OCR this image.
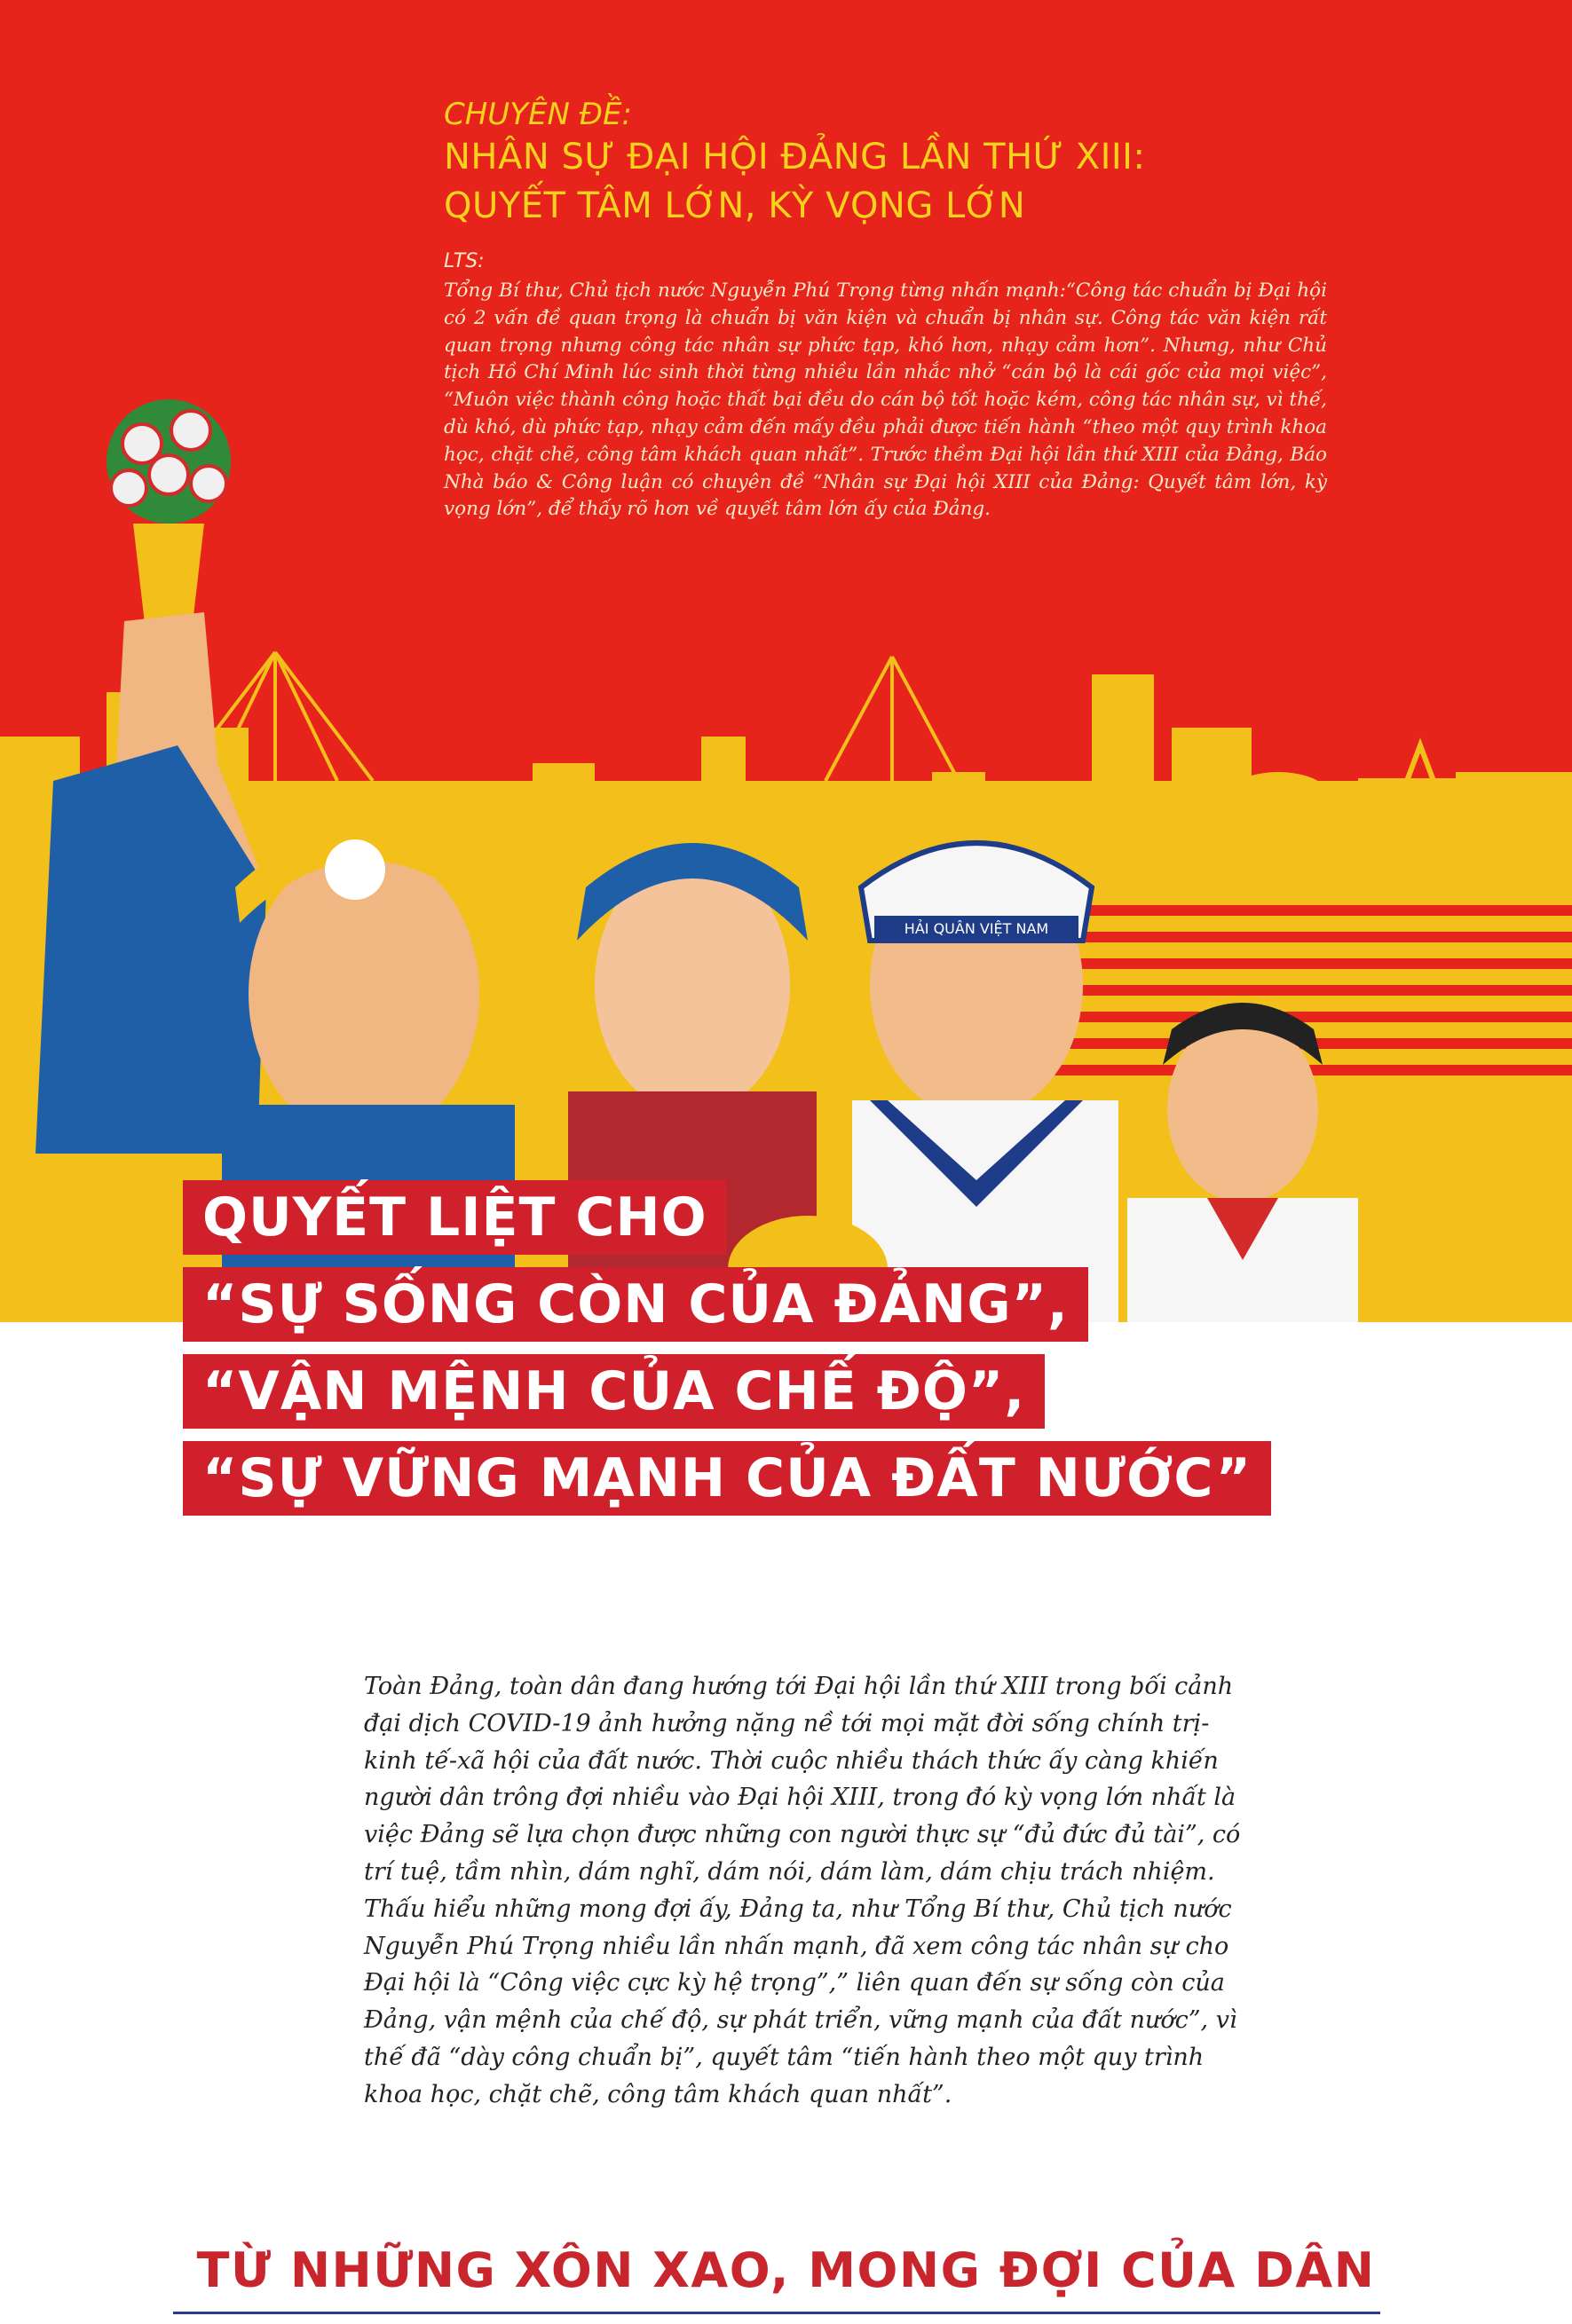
HẢI QUÂN VIỆT NAM
CHUYÊN ĐỀ:
NHÂN SỰ ĐẠI HỘI ĐẢNG LẦN THỨ XIII:
QUYẾT TÂM LỚN, KỲ VỌNG LỚN
LTS:
Tổng Bí thư, Chủ tịch nước Nguyễn Phú Trọng từng nhấn mạnh:“Công tác chuẩn bị Đại hội có 2 vấn đề quan trọng là chuẩn bị văn kiện và chuẩn bị nhân sự. Công tác văn kiện rất quan trọng nhưng công tác nhân sự phức tạp, khó hơn, nhạy cảm hơn”. Nhưng, như Chủ tịch Hồ Chí Minh lúc sinh thời từng nhiều lần nhắc nhở “cán bộ là cái gốc của mọi việc”, “Muôn việc thành công hoặc thất bại đều do cán bộ tốt hoặc kém, công tác nhân sự, vì thế, dù khó, dù phức tạp, nhạy cảm đến mấy đều phải được tiến hành “theo một quy trình khoa học, chặt chẽ, công tâm khách quan nhất”. Trước thềm Đại hội lần thứ XIII của Đảng, Báo Nhà báo & Công luận có chuyên đề “Nhân sự Đại hội XIII của Đảng: Quyết tâm lớn, kỳ vọng lớn”, để thấy rõ hơn về quyết tâm lớn ấy của Đảng.
QUYẾT LIỆT CHO
“SỰ SỐNG CÒN CỦA ĐẢNG”,
“VẬN MỆNH CỦA CHẾ ĐỘ”,
“SỰ VỮNG MẠNH CỦA ĐẤT NƯỚC”
Toàn Đảng, toàn dân đang hướng tới Đại hội lần thứ XIII trong bối cảnh đại dịch COVID-19 ảnh hưởng nặng nề tới mọi mặt đời sống chính trị-kinh tế-xã hội của đất nước. Thời cuộc nhiều thách thức ấy càng khiến người dân trông đợi nhiều vào Đại hội XIII, trong đó kỳ vọng lớn nhất là việc Đảng sẽ lựa chọn được những con người thực sự “đủ đức đủ tài”, có trí tuệ, tầm nhìn, dám nghĩ, dám nói, dám làm, dám chịu trách nhiệm. Thấu hiểu những mong đợi ấy, Đảng ta, như Tổng Bí thư, Chủ tịch nước Nguyễn Phú Trọng nhiều lần nhấn mạnh, đã xem công tác nhân sự cho Đại hội là “Công việc cực kỳ hệ trọng”,” liên quan đến sự sống còn của Đảng, vận mệnh của chế độ, sự phát triển, vững mạnh của đất nước”, vì thế đã “dày công chuẩn bị”, quyết tâm “tiến hành theo một quy trình khoa học, chặt chẽ, công tâm khách quan nhất”.
TỪ NHỮNG XÔN XAO, MONG ĐỢI CỦA DÂN
